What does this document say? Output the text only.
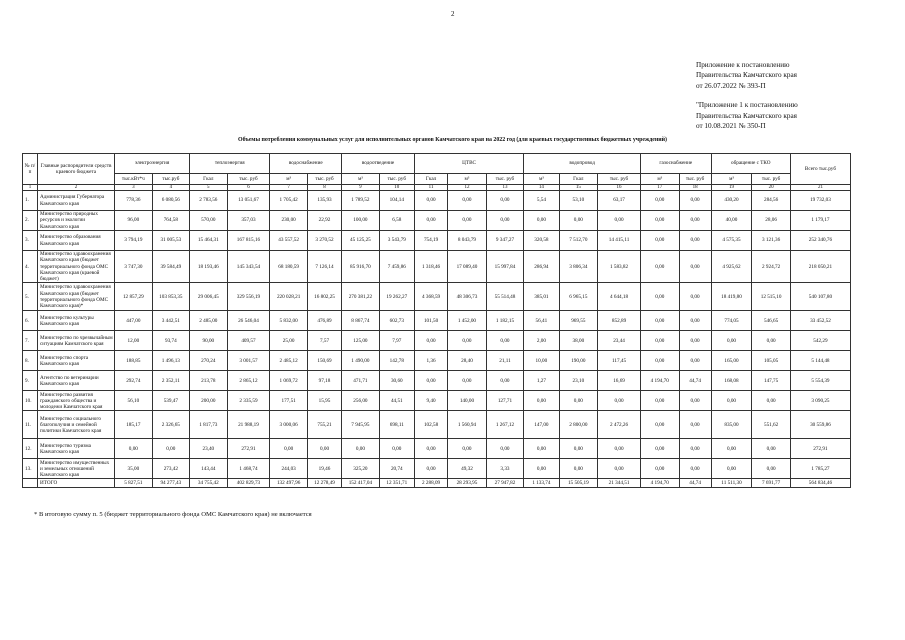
2
Приложение к постановлению
Правительства Камчатского края
от 26.07.2022 № 393-П
"Приложение 1 к постановлению
Правительства Камчатского края
от 10.08.2021 № 350-П
Объемы потребления коммунальных услуг для исполнительных органов Камчатского края на 2022 год (для краевых государственных бюджетных учреждений)
№ п/п	Главные распорядители средств краевого бюджета	электроэнергия		теплоэнергия		водоснабжение		водоотведение		ЦТВС			водопровод			газоснабжение		обращение с ТКО		Всего тыс.руб
		тыс.кВт*ч	тыс.руб	Гкал	тыс. руб	м³	тыс. руб	м³	тыс. руб	Гкал	м³	тыс. руб	м³	Гкал	тыс. руб	м³	тыс. руб	м³	тыс. руб	
1	2	3	4	5	6	7	8	9	10	11	12	13	14	15	16	17	18	19	20	21
1.	Администрация Губернатора Камчатского края	778,36	6 080,56	2 783,56	13 051,67	1 705,42	135,93	1 789,52	104,14	0,00	0,00	0,00	5,54	53,10	63,17	0,00	0,00	430,20	284,56	19 732,03
2.	Министерство природных ресурсов и экологии Камчатского края	96,00	764,58	570,00	357,03	230,00	22,92	100,00	6,58	0,00	0,00	0,00	0,00	0,00	0,00	0,00	0,00	40,00	28,06	1 179,17
3.	Министерство образования Камчатского края	3 794,19	31 005,53	15 464,31	167 815,16	43 557,52	3 270,52	45 125,25	3 543,79	754,19	8 043,79	9 347,27	320,58	7 512,70	14 415,11	0,00	0,00	4 575,35	3 121,36	252 340,76
4.	Министерство здравоохранения Камчатского края (бюджет территориального фонда ОМС Камчатского края (краевой бюджет)	3 747,30	39 584,49	18 193,46	145 343,54	68 180,59	7 126,14	85 916,70	7 459,86	1 318,46	17 089,40	15 997,84	286,94	3 806,34	1 583,82	0,00	0,00	4 925,62	2 924,72	218 050,21
5.	Министерство здравоохранения Камчатского края (бюджет территориального фонда ОМС Камчатского края)*	12 857,29	103 853,35	29 006,45	329 556,19	220 028,21	16 802,25	270 381,22	19 262,27	4 368,59	48 306,73	55 514,48	385,01	6 965,15	4 644,18	0,00	0,00	18 419,80	12 515,10	540 107,80
6.	Министерство культуры Камчатского края	447,00	3 442,51	2 485,00	26 546,04	5 832,00	476,89	8 867,74	602,73	101,50	1 452,00	1 182,15	56,41	969,55	852,89	0,00	0,00	774,05	546,65	33 452,52
7.	Министерство по чрезвычайным ситуациям Камчатского края	12,00	93,74	90,00	409,57	25,00	7,57	125,00	7,97	0,00	0,00	0,00	2,00	38,00	23,44	0,00	0,00	0,00	0,00	542,29
8.	Министерство спорта Камчатского края	188,85	1 496,13	270,24	3 001,57	2 485,12	150,69	1 490,00	142,78	1,36	28,40	21,11	10,00	190,00	117,45	0,00	0,00	165,00	105,05	5 144,48
9.	Агентство по ветеринарии Камчатского края	292,74	2 352,11	213,78	2 865,12	1 069,72	97,18	471,71	30,60	0,00	0,00	0,00	1,27	23,10	16,69	4 194,70	44,74	168,08	147,75	5 554,39
10.	Министерство развития гражданского общества и молодежи Камчатского края	56,10	539,47	200,00	2 335,59	177,51	15,95	256,00	44,51	9,40	140,00	127,71	0,00	0,00	0,00	0,00	0,00	0,00	0,00	3 090,25
11.	Министерство социального благополучия и семейной политики Камчатского края	185,17	2 326,65	1 817,73	21 988,19	3 000,06	755,21	7 945,95	698,11	102,58	1 560,94	1 267,12	147,00	2 800,00	2 472,26	0,00	0,00	835,00	551,62	30 559,86
12.	Министерство туризма Камчатского края	0,00	0,00	23,40	272,91	0,00	0,00	0,00	0,00	0,00	0,00	0,00	0,00	0,00	0,00	0,00	0,00	0,00	0,00	272,91
13.	Министерство имущественных и земельных отношений Камчатского края	35,00	273,42	143,44	1 468,74	244,03	19,46	325,20	20,74	0,00	49,32	3,33	0,00	0,00	0,00	0,00	0,00	0,00	0,00	1 785,27
	ИТОГО	5 827,51	94 277,43	34 755,42	402 829,73	132 497,96	12 278,49	152 417,04	12 351,71	2 288,09	28 293,95	27 947,82	1 133,74	15 505,19	21 344,51	4 194,70	44,74	11 511,30	7 691,77	564 834,46
* В итоговую сумму п. 5 (бюджет территориального фонда ОМС Камчатского края) не включается
